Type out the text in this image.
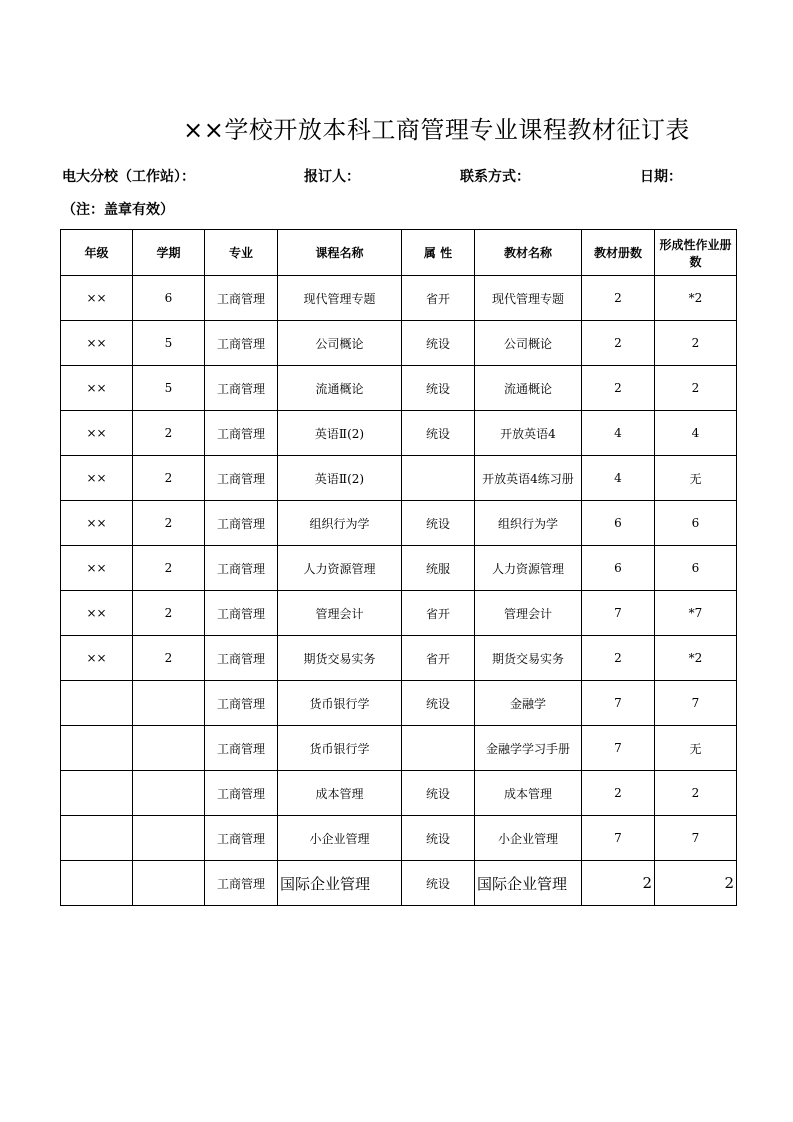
××学校开放本科工商管理专业课程教材征订表
电大分校（工作站）：	报订人：	联系方式：	日期：
（注：盖章有效）
年级	学期	专业	课程名称	属 性	教材名称	教材册数	形成性作业册数
××	6	工商管理	现代管理专题	省开	现代管理专题	2	*2
××	5	工商管理	公司概论	统设	公司概论	2	2
××	5	工商管理	流通概论	统设	流通概论	2	2
××	2	工商管理	英语Ⅱ(2)	统设	开放英语4	4	4
××	2	工商管理	英语Ⅱ(2)		开放英语4练习册	4	无
××	2	工商管理	组织行为学	统设	组织行为学	6	6
××	2	工商管理	人力资源管理	统服	人力资源管理	6	6
××	2	工商管理	管理会计	省开	管理会计	7	*7
××	2	工商管理	期货交易实务	省开	期货交易实务	2	*2
		工商管理	货币银行学	统设	金融学	7	7
		工商管理	货币银行学		金融学学习手册	7	无
		工商管理	成本管理	统设	成本管理	2	2
		工商管理	小企业管理	统设	小企业管理	7	7
		工商管理	国际企业管理	统设	国际企业管理	2	2
